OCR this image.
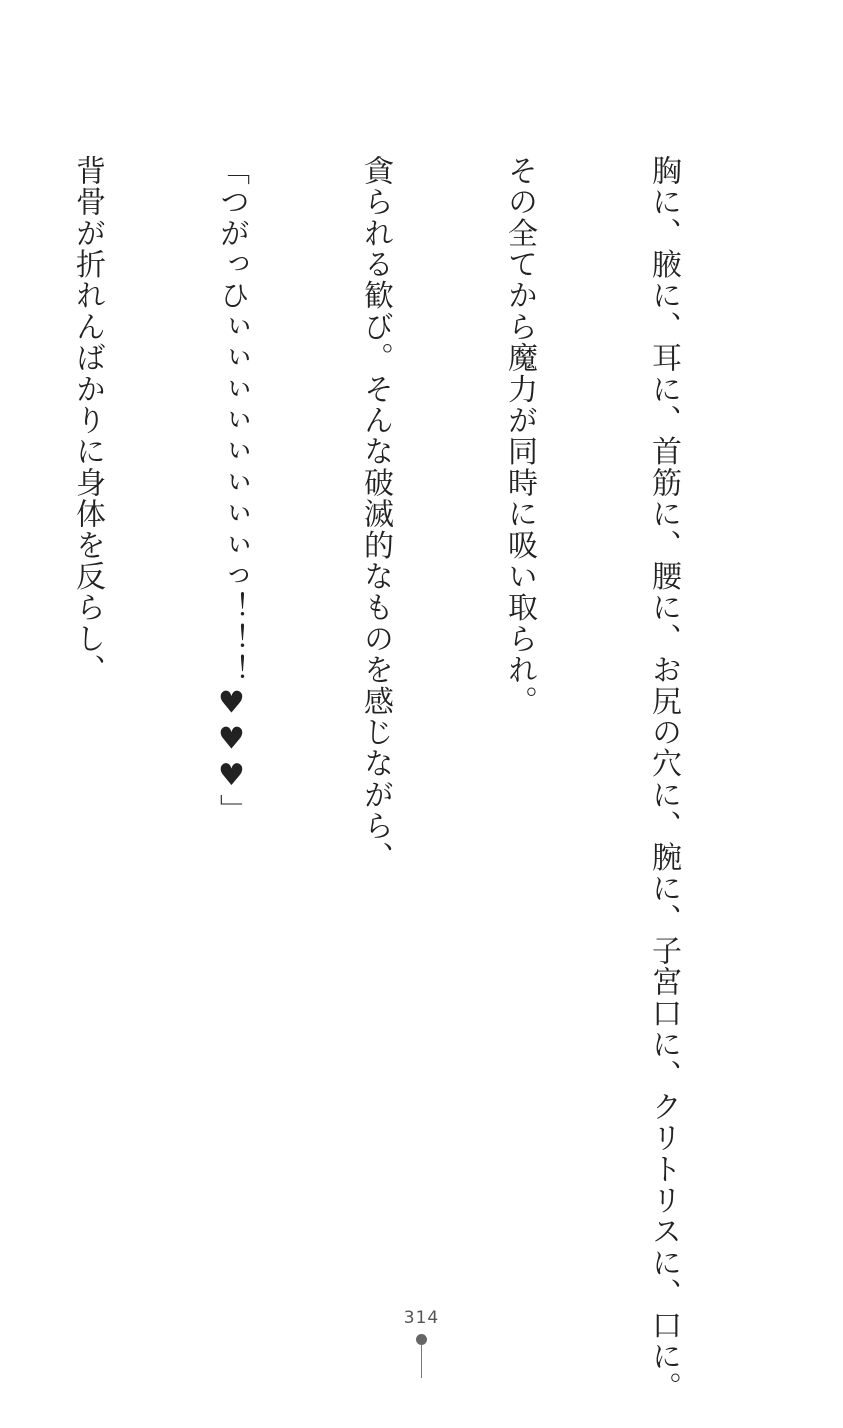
胸に、腋に、耳に、首筋に、腰に、お尻の穴に、腕に、子宮口に、クリトリスに、口に。

その全てから魔力が同時に吸い取られ。

貪られる歓び。そんな破滅的なものを感じながら、

「つがっひぃぃぃぃぃぃぃぃっ！！！♥♥♥」

背骨が折れんばかりに身体を反らし、

314
